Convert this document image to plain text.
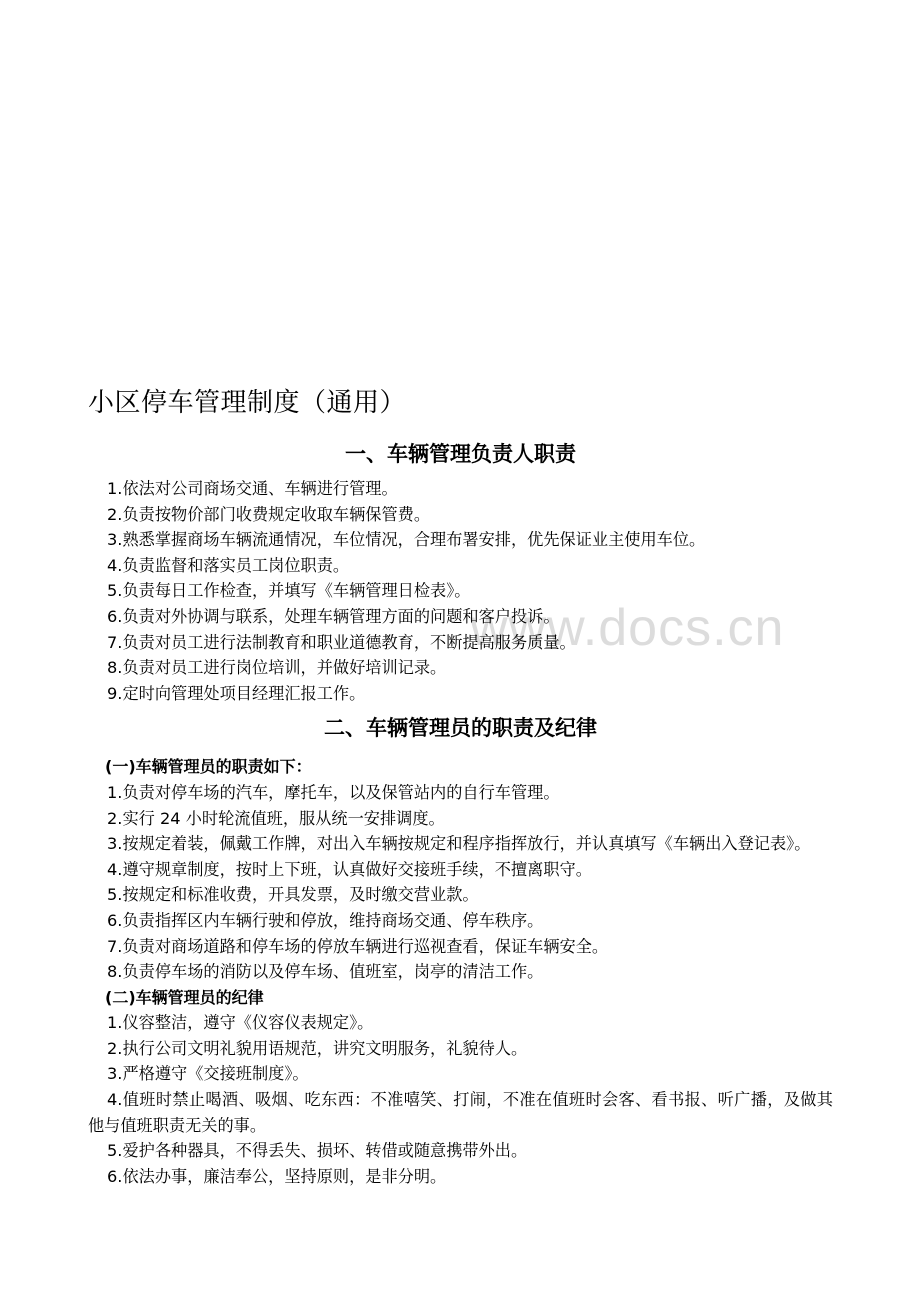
www.docs.cn
小区停车管理制度（通用）
一、车辆管理负责人职责
1.依法对公司商场交通、车辆进行管理。
2.负责按物价部门收费规定收取车辆保管费。
3.熟悉掌握商场车辆流通情况，车位情况，合理布署安排，优先保证业主使用车位。
4.负责监督和落实员工岗位职责。
5.负责每日工作检查，并填写《车辆管理日检表》。
6.负责对外协调与联系，处理车辆管理方面的问题和客户投诉。
7.负责对员工进行法制教育和职业道德教育，不断提高服务质量。
8.负责对员工进行岗位培训，并做好培训记录。
9.定时向管理处项目经理汇报工作。
二、车辆管理员的职责及纪律
(一)车辆管理员的职责如下：
1.负责对停车场的汽车，摩托车，以及保管站内的自行车管理。
2.实行 24 小时轮流值班，服从统一安排调度。
3.按规定着装，佩戴工作牌，对出入车辆按规定和程序指挥放行，并认真填写《车辆出入登记表》。
4.遵守规章制度，按时上下班，认真做好交接班手续，不擅离职守。
5.按规定和标准收费，开具发票，及时缴交营业款。
6.负责指挥区内车辆行驶和停放，维持商场交通、停车秩序。
7.负责对商场道路和停车场的停放车辆进行巡视查看，保证车辆安全。
8.负责停车场的消防以及停车场、值班室，岗亭的清洁工作。
(二)车辆管理员的纪律
1.仪容整洁，遵守《仪容仪表规定》。
2.执行公司文明礼貌用语规范，讲究文明服务，礼貌待人。
3.严格遵守《交接班制度》。
4.值班时禁止喝酒、吸烟、吃东西：不准嘻笑、打闹，不准在值班时会客、看书报、听广播，及做其他与值班职责无关的事。
5.爱护各种器具，不得丢失、损坏、转借或随意携带外出。
6.依法办事，廉洁奉公，坚持原则，是非分明。
